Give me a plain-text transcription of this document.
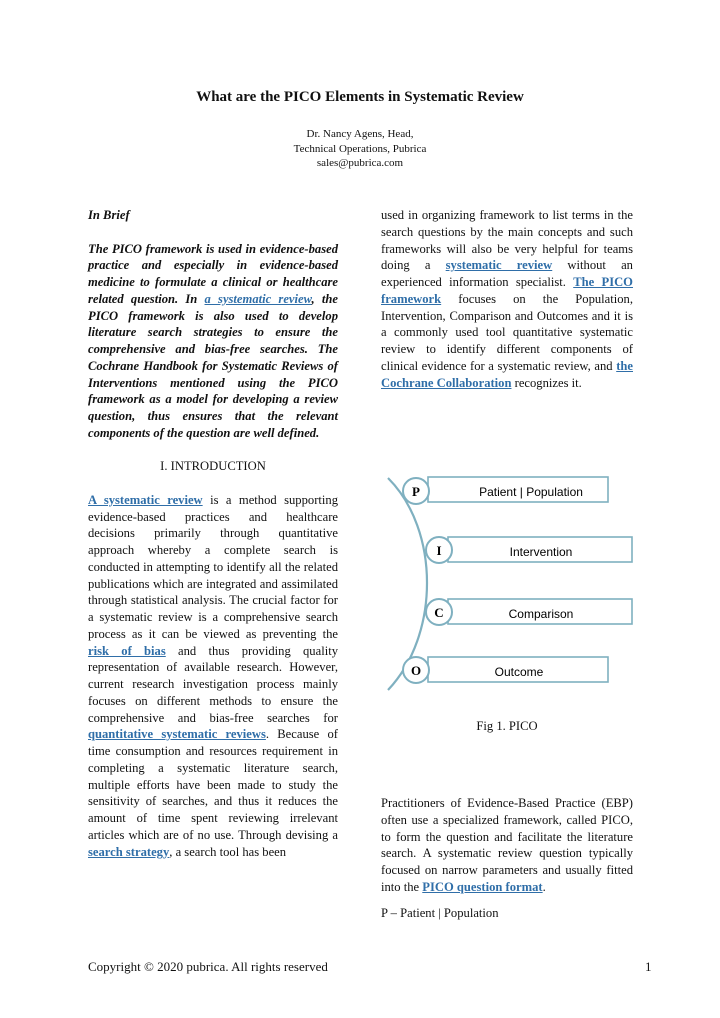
What are the PICO Elements in Systematic Review
Dr. Nancy Agens, Head,
Technical Operations, Pubrica
sales@pubrica.com

In Brief

The PICO framework is used in evidence-based practice and especially in evidence-based medicine to formulate a clinical or healthcare related question. In a systematic review, the PICO framework is also used to develop literature search strategies to ensure the comprehensive and bias-free searches. The Cochrane Handbook for Systematic Reviews of Interventions mentioned using the PICO framework as a model for developing a review question, thus ensures that the relevant components of the question are well defined.

I. INTRODUCTION

A systematic review is a method supporting evidence-based practices and healthcare decisions primarily through quantitative approach whereby a complete search is conducted in attempting to identify all the related publications which are integrated and assimilated through statistical analysis. The crucial factor for a systematic review is a comprehensive search process as it can be viewed as preventing the risk of bias and thus providing quality representation of available research. However, current research investigation process mainly focuses on different methods to ensure the comprehensive and bias-free searches for quantitative systematic reviews. Because of time consumption and resources requirement in completing a systematic literature search, multiple efforts have been made to study the sensitivity of searches, and thus it reduces the amount of time spent reviewing irrelevant articles which are of no use. Through devising a search strategy, a search tool has been

used in organizing framework to list terms in the search questions by the main concepts and such frameworks will also be very helpful for teams doing a systematic review without an experienced information specialist. The PICO framework focuses on the Population, Intervention, Comparison and Outcomes and it is a commonly used tool quantitative systematic review to identify different components of clinical evidence for a systematic review, and the Cochrane Collaboration recognizes it.

P	Patient | Population
I	Intervention
C	Comparison
O	Outcome
Fig 1. PICO

Practitioners of Evidence-Based Practice (EBP) often use a specialized framework, called PICO, to form the question and facilitate the literature search. A systematic review question typically focused on narrow parameters and usually fitted into the PICO question format.

P – Patient | Population

Copyright © 2020 pubrica. All rights reserved	1
